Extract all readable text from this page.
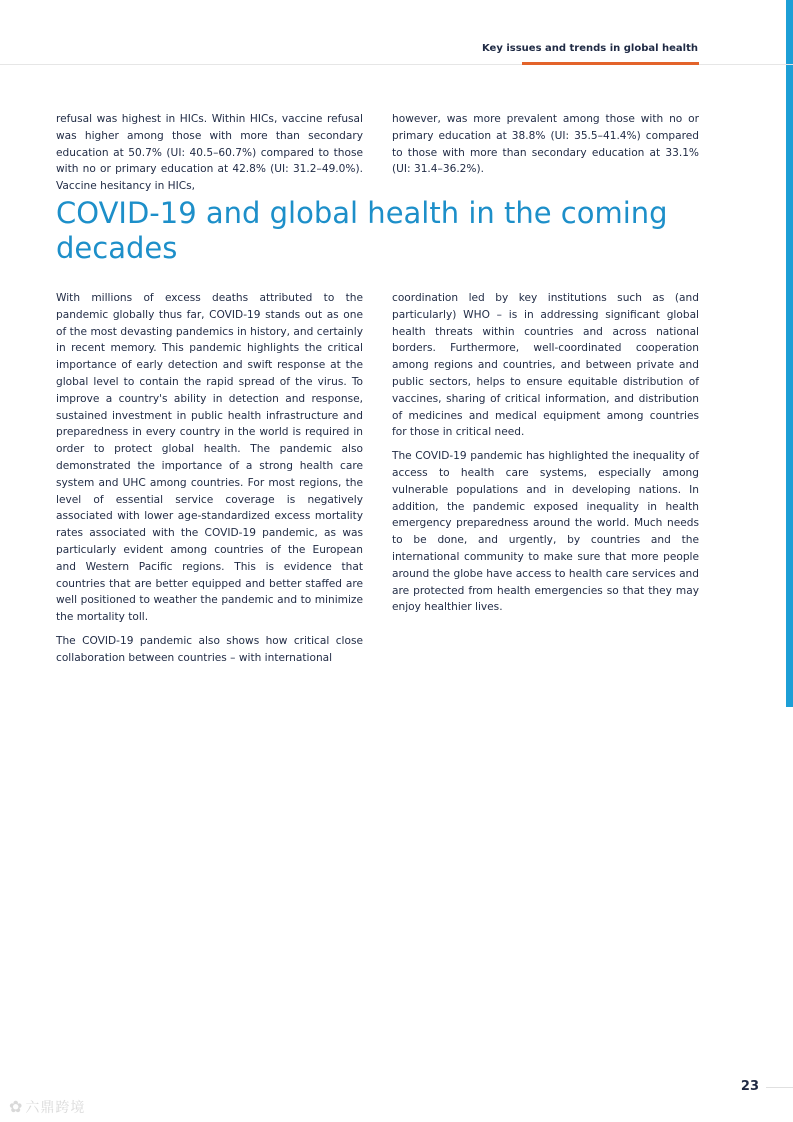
Key issues and trends in global health

refusal was highest in HICs. Within HICs, vaccine refusal was higher among those with more than secondary education at 50.7% (UI: 40.5–60.7%) compared to those with no or primary education at 42.8% (UI: 31.2–49.0%). Vaccine hesitancy in HICs,

however, was more prevalent among those with no or primary education at 38.8% (UI: 35.5–41.4%) compared to those with more than secondary education at 33.1% (UI: 31.4–36.2%).

COVID-19 and global health in the coming decades

With millions of excess deaths attributed to the pandemic globally thus far, COVID-19 stands out as one of the most devasting pandemics in history, and certainly in recent memory. This pandemic highlights the critical importance of early detection and swift response at the global level to contain the rapid spread of the virus. To improve a country's ability in detection and response, sustained investment in public health infrastructure and preparedness in every country in the world is required in order to protect global health. The pandemic also demonstrated the importance of a strong health care system and UHC among countries. For most regions, the level of essential service coverage is negatively associated with lower age-standardized excess mortality rates associated with the COVID-19 pandemic, as was particularly evident among countries of the European and Western Pacific regions. This is evidence that countries that are better equipped and better staffed are well positioned to weather the pandemic and to minimize the mortality toll.

The COVID-19 pandemic also shows how critical close collaboration between countries – with international

coordination led by key institutions such as (and particularly) WHO – is in addressing significant global health threats within countries and across national borders. Furthermore, well-coordinated cooperation among regions and countries, and between private and public sectors, helps to ensure equitable distribution of vaccines, sharing of critical information, and distribution of medicines and medical equipment among countries for those in critical need.

The COVID-19 pandemic has highlighted the inequality of access to health care systems, especially among vulnerable populations and in developing nations. In addition, the pandemic exposed inequality in health emergency preparedness around the world. Much needs to be done, and urgently, by countries and the international community to make sure that more people around the globe have access to health care services and are protected from health emergencies so that they may enjoy healthier lives.

23
✿ 六鼎跨境
